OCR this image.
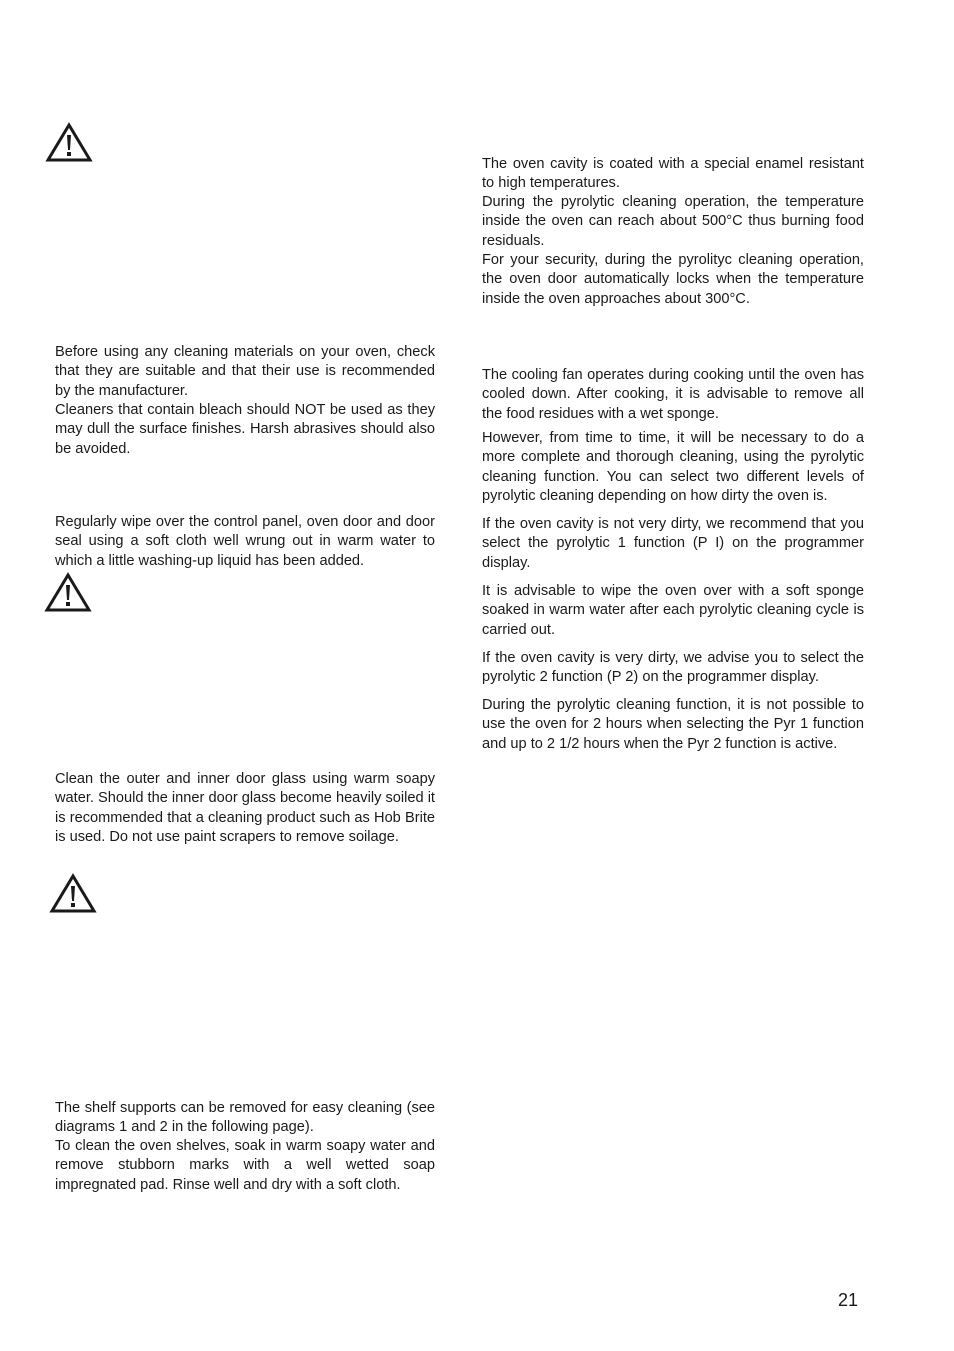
Before using any cleaning materials on your oven, check that they are suitable and that their use is recommended by the manufacturer.

Cleaners that contain bleach should NOT be used as they may dull the surface finishes. Harsh abrasives should also be avoided.

Regularly wipe over the control panel, oven door and door seal using a soft cloth well wrung out in warm water to which a little washing-up liquid has been added.

Clean the outer and inner door glass using warm soapy water. Should the inner door glass become heavily soiled it is recommended that a cleaning product such as Hob Brite is used. Do not use paint scrapers to remove soilage.

The shelf supports can be removed for easy cleaning (see diagrams 1 and 2 in the following page).

To clean the oven shelves, soak in warm soapy water and remove stubborn marks with a well wetted soap impregnated pad. Rinse well and dry with a soft cloth.

The oven cavity is coated with a special enamel resistant to high temperatures.

During the pyrolytic cleaning operation, the temperature inside the oven can reach about 500°C thus burning food residuals.

For your security, during the pyrolityc cleaning operation, the oven door automatically locks when the temperature inside the oven approaches about 300°C.

The cooling fan operates during cooking until the oven has cooled down. After cooking, it is advisable to remove all the food residues with a wet sponge.

However, from time to time, it will be necessary to do a more complete and thorough cleaning, using the pyrolytic cleaning function. You can select two different levels of pyrolytic cleaning depending on how dirty the oven is.

If the oven cavity is not very dirty, we recommend that you select the pyrolytic 1 function (P I) on the programmer display.

It is advisable to wipe the oven over with a soft sponge soaked in warm water after each pyrolytic cleaning cycle is carried out.

If the oven cavity is very dirty, we advise you to select the pyrolytic 2 function (P 2) on the programmer display.

During the pyrolytic cleaning function, it is not possible to use the oven for 2 hours when selecting the Pyr 1 function and up to 2 1/2 hours when the Pyr 2 function is active.

21
